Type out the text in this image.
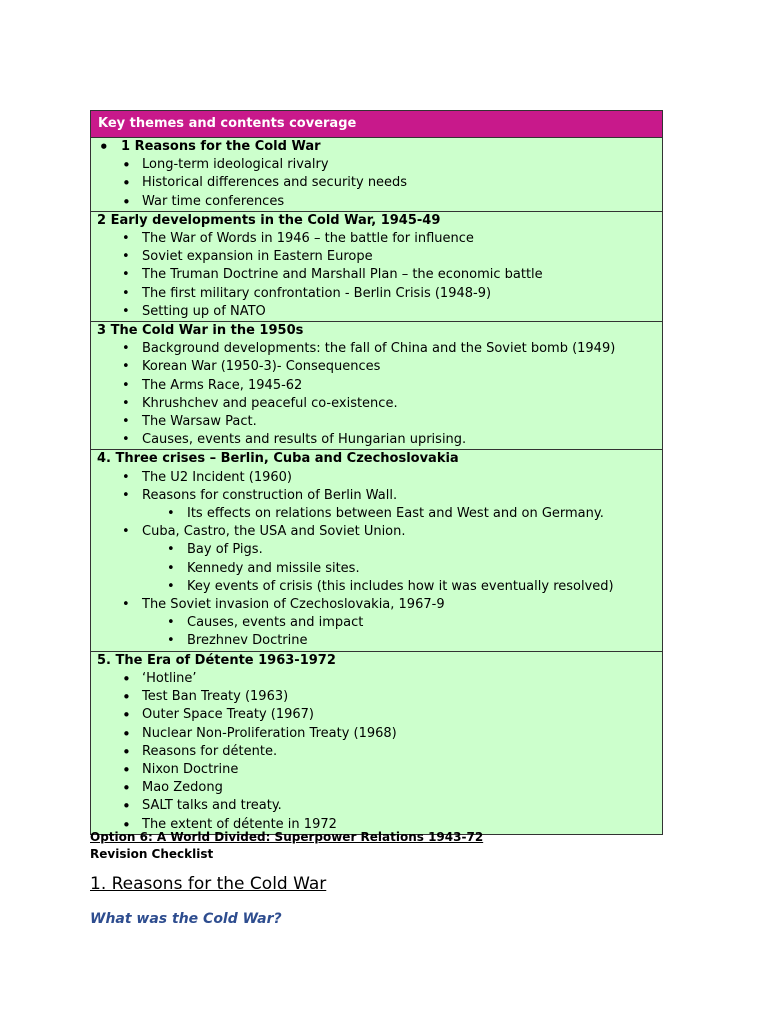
Key themes and contents coverage

• 1 Reasons for the Cold War
• Long-term ideological rivalry
• Historical differences and security needs
• War time conferences

2 Early developments in the Cold War, 1945-49
• The War of Words in 1946 – the battle for influence
• Soviet expansion in Eastern Europe
• The Truman Doctrine and Marshall Plan – the economic battle
• The first military confrontation - Berlin Crisis (1948-9)
• Setting up of NATO

3 The Cold War in the 1950s
• Background developments: the fall of China and the Soviet bomb (1949)
• Korean War (1950-3)- Consequences
• The Arms Race, 1945-62
• Khrushchev and peaceful co-existence.
• The Warsaw Pact.
• Causes, events and results of Hungarian uprising.

4. Three crises – Berlin, Cuba and Czechoslovakia
• The U2 Incident (1960)
• Reasons for construction of Berlin Wall.
• Its effects on relations between East and West and on Germany.
• Cuba, Castro, the USA and Soviet Union.
• Bay of Pigs.
• Kennedy and missile sites.
• Key events of crisis (this includes how it was eventually resolved)
• The Soviet invasion of Czechoslovakia, 1967-9
• Causes, events and impact
• Brezhnev Doctrine

5. The Era of Détente 1963-1972
• ‘Hotline’
• Test Ban Treaty (1963)
• Outer Space Treaty (1967)
• Nuclear Non-Proliferation Treaty (1968)
• Reasons for détente.
• Nixon Doctrine
• Mao Zedong
• SALT talks and treaty.
• The extent of détente in 1972
Option 6: A World Divided: Superpower Relations 1943-72
Revision Checklist
1. Reasons for the Cold War
What was the Cold War?
